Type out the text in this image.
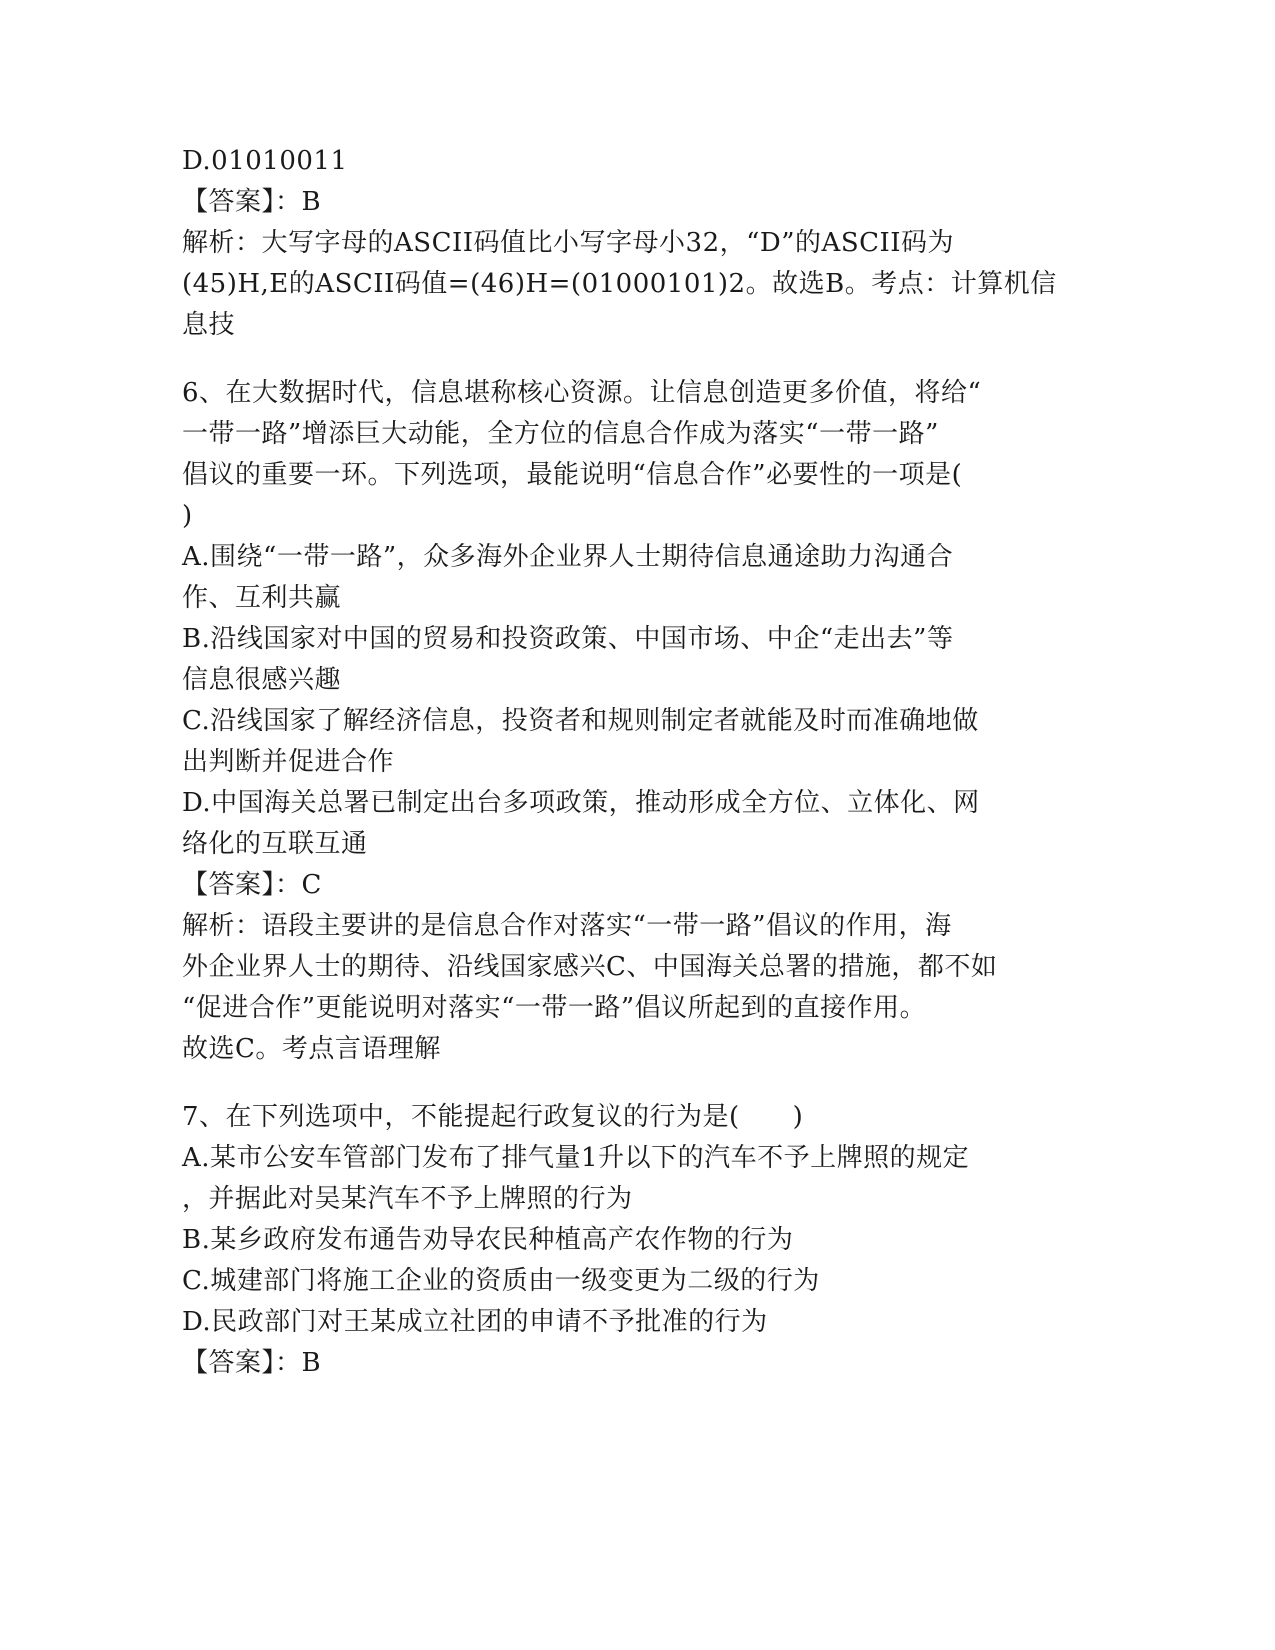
D.01010011
【答案】：B
解析：大写字母的ASCII码值比小写字母小32，“D”的ASCII码为
(45)H,E的ASCII码值=(46)H=(01000101)2。故选B。考点：计算机信
息技
6、在大数据时代，信息堪称核心资源。让信息创造更多价值，将给“
一带一路”增添巨大动能，全方位的信息合作成为落实“一带一路”
倡议的重要一环。下列选项，最能说明“信息合作”必要性的一项是(
)
A.围绕“一带一路”，众多海外企业界人士期待信息通途助力沟通合
作、互利共赢
B.沿线国家对中国的贸易和投资政策、中国市场、中企“走出去”等
信息很感兴趣
C.沿线国家了解经济信息，投资者和规则制定者就能及时而准确地做
出判断并促进合作
D.中国海关总署已制定出台多项政策，推动形成全方位、立体化、网
络化的互联互通
【答案】：C
解析：语段主要讲的是信息合作对落实“一带一路”倡议的作用，海
外企业界人士的期待、沿线国家感兴C、中国海关总署的措施，都不如
“促进合作”更能说明对落实“一带一路”倡议所起到的直接作用。
故选C。考点言语理解
7、在下列选项中，不能提起行政复议的行为是(　　)
A.某市公安车管部门发布了排气量1升以下的汽车不予上牌照的规定
，并据此对吴某汽车不予上牌照的行为
B.某乡政府发布通告劝导农民种植高产农作物的行为
C.城建部门将施工企业的资质由一级变更为二级的行为
D.民政部门对王某成立社团的申请不予批准的行为
【答案】：B
